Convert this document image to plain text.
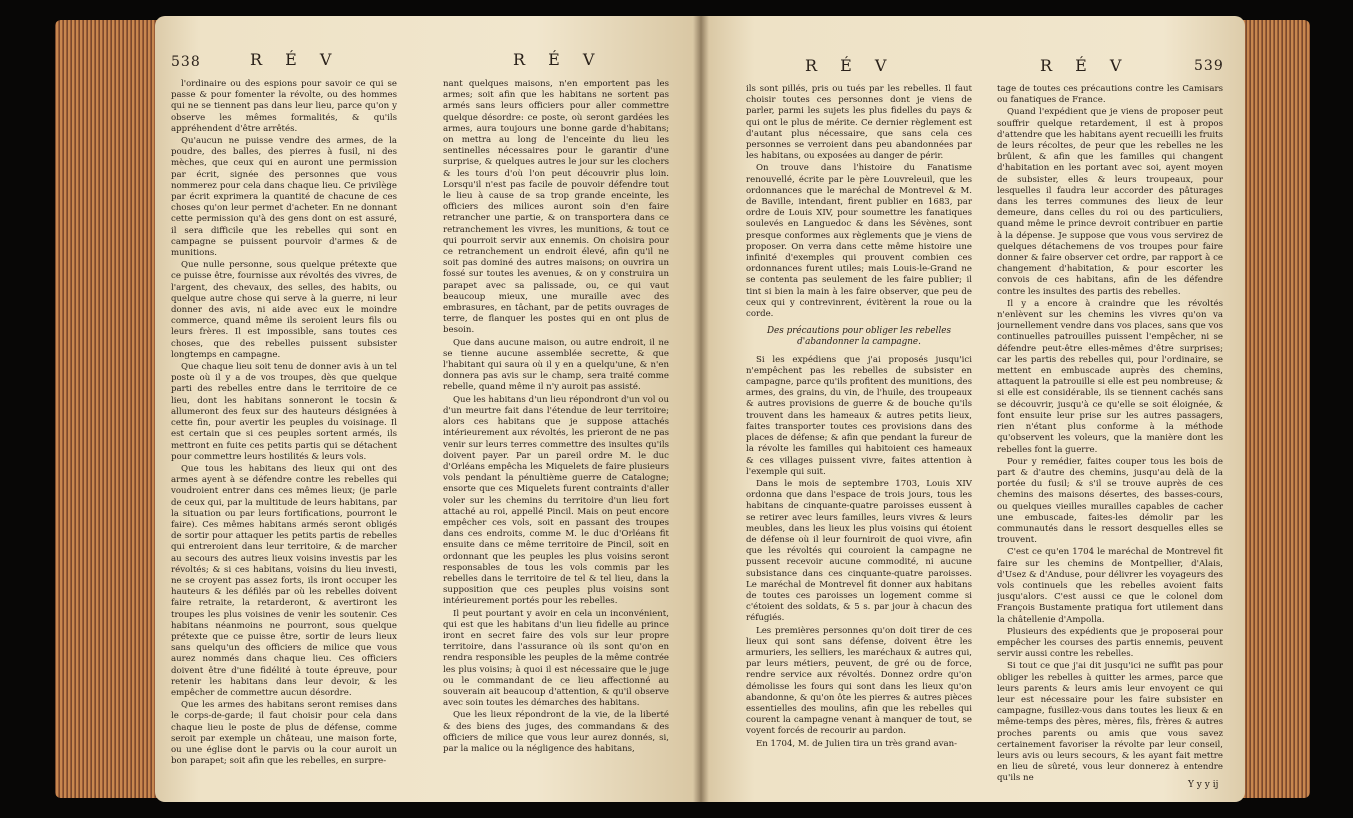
538	R É V	R É V

l'ordinaire ou des espions pour savoir ce qui se passe & pour fomenter la révolte, ou des hommes qui ne se tiennent pas dans leur lieu, parce qu'on y observe les mêmes formalités, & qu'ils appréhendent d'être arrêtés.

Qu'aucun ne puisse vendre des armes, de la poudre, des balles, des pierres à fusil, ni des mèches, que ceux qui en auront une permission par écrit, signée des personnes que vous nommerez pour cela dans chaque lieu. Ce privilège par écrit exprimera la quantité de chacune de ces choses qu'on leur permet d'acheter. En ne donnant cette permission qu'à des gens dont on est assuré, il sera difficile que les rebelles qui sont en campagne se puissent pourvoir d'armes & de munitions.

Que nulle personne, sous quelque prétexte que ce puisse être, fournisse aux révoltés des vivres, de l'argent, des chevaux, des selles, des habits, ou quelque autre chose qui serve à la guerre, ni leur donner des avis, ni aide avec eux le moindre commerce, quand même ils seroient leurs fils ou leurs frères. Il est impossible, sans toutes ces choses, que des rebelles puissent subsister longtemps en campagne.

Que chaque lieu soit tenu de donner avis à un tel poste où il y a de vos troupes, dès que quelque parti des rebelles entre dans le territoire de ce lieu, dont les habitans sonneront le tocsin & allumeront des feux sur des hauteurs désignées à cette fin, pour avertir les peuples du voisinage. Il est certain que si ces peuples sortent armés, ils mettront en fuite ces petits partis qui se détachent pour commettre leurs hostilités & leurs vols.

Que tous les habitans des lieux qui ont des armes ayent à se défendre contre les rebelles qui voudroient entrer dans ces mêmes lieux; (je parle de ceux qui, par la multitude de leurs habitans, par la situation ou par leurs fortifications, pourront le faire). Ces mêmes habitans armés seront obligés de sortir pour attaquer les petits partis de rebelles qui entreroient dans leur territoire, & de marcher au secours des autres lieux voisins investis par les révoltés; & si ces habitans, voisins du lieu investi, ne se croyent pas assez forts, ils iront occuper les hauteurs & les défilés par où les rebelles doivent faire retraite, la retarderont, & avertiront les troupes les plus voisines de venir les soutenir. Ces habitans néanmoins ne pourront, sous quelque prétexte que ce puisse être, sortir de leurs lieux sans quelqu'un des officiers de milice que vous aurez nommés dans chaque lieu. Ces officiers doivent être d'une fidélité à toute épreuve, pour retenir les habitans dans leur devoir, & les empêcher de commettre aucun désordre.

Que les armes des habitans seront remises dans le corps-de-garde; il faut choisir pour cela dans chaque lieu le poste de plus de défense, comme seroit par exemple un château, une maison forte, ou une église dont le parvis ou la cour auroit un bon parapet; soit afin que les rebelles, en surpre-

nant quelques maisons, n'en emportent pas les armes; soit afin que les habitans ne sortent pas armés sans leurs officiers pour aller commettre quelque désordre: ce poste, où seront gardées les armes, aura toujours une bonne garde d'habitans; on mettra au long de l'enceinte du lieu les sentinelles nécessaires pour le garantir d'une surprise, & quelques autres le jour sur les clochers & les tours d'où l'on peut découvrir plus loin. Lorsqu'il n'est pas facile de pouvoir défendre tout le lieu à cause de sa trop grande enceinte, les officiers des milices auront soin d'en faire retrancher une partie, & on transportera dans ce retranchement les vivres, les munitions, & tout ce qui pourroit servir aux ennemis. On choisira pour ce retranchement un endroit élevé, afin qu'il ne soit pas dominé des autres maisons; on ouvrira un fossé sur toutes les avenues, & on y construira un parapet avec sa palissade, ou, ce qui vaut beaucoup mieux, une muraille avec des embrasures, en tâchant, par de petits ouvrages de terre, de flanquer les postes qui en ont plus de besoin.

Que dans aucune maison, ou autre endroit, il ne se tienne aucune assemblée secrette, & que l'habitant qui saura où il y en a quelqu'une, & n'en donnera pas avis sur le champ, sera traité comme rebelle, quand même il n'y auroit pas assisté.

Que les habitans d'un lieu répondront d'un vol ou d'un meurtre fait dans l'étendue de leur territoire; alors ces habitans que je suppose attachés intérieurement aux révoltés, les prieront de ne pas venir sur leurs terres commettre des insultes qu'ils doivent payer. Par un pareil ordre M. le duc d'Orléans empêcha les Miquelets de faire plusieurs vols pendant la pénultième guerre de Catalogne; ensorte que ces Miquelets furent contraints d'aller voler sur les chemins du territoire d'un lieu fort attaché au roi, appellé Pincil. Mais on peut encore empêcher ces vols, soit en passant des troupes dans ces endroits, comme M. le duc d'Orléans fit ensuite dans ce même territoire de Pincil, soit en ordonnant que les peuples les plus voisins seront responsables de tous les vols commis par les rebelles dans le territoire de tel & tel lieu, dans la supposition que ces peuples plus voisins sont intérieurement portés pour les rebelles.

Il peut pourtant y avoir en cela un inconvénient, qui est que les habitans d'un lieu fidelle au prince iront en secret faire des vols sur leur propre territoire, dans l'assurance où ils sont qu'on en rendra responsible les peuples de la même contrée les plus voisins; à quoi il est nécessaire que le juge ou le commandant de ce lieu affectionné au souverain ait beaucoup d'attention, & qu'il observe avec soin toutes les démarches des habitans.

Que les lieux répondront de la vie, de la liberté & des biens des juges, des commandans & des officiers de milice que vous leur aurez donnés, si, par la malice ou la négligence des habitans,

R É V	R É V	539

ils sont pillés, pris ou tués par les rebelles. Il faut choisir toutes ces personnes dont je viens de parler, parmi les sujets les plus fidelles du pays & qui ont le plus de mérite. Ce dernier règlement est d'autant plus nécessaire, que sans cela ces personnes se verroient dans peu abandonnées par les habitans, ou exposées au danger de périr.

On trouve dans l'histoire du Fanatisme renouvellé, écrite par le père Louvreleuil, que les ordonnances que le maréchal de Montrevel & M. de Baville, intendant, firent publier en 1683, par ordre de Louis XIV, pour soumettre les fanatiques soulevés en Languedoc & dans les Sévènes, sont presque conformes aux règlements que je viens de proposer. On verra dans cette même histoire une infinité d'exemples qui prouvent combien ces ordonnances furent utiles; mais Louis-le-Grand ne se contenta pas seulement de les faire publier; il tint si bien la main à les faire observer, que peu de ceux qui y contrevinrent, évitèrent la roue ou la corde.

Des précautions pour obliger les rebelles d'abandonner la campagne.

Si les expédiens que j'ai proposés jusqu'ici n'empêchent pas les rebelles de subsister en campagne, parce qu'ils profitent des munitions, des armes, des grains, du vin, de l'huile, des troupeaux & autres provisions de guerre & de bouche qu'ils trouvent dans les hameaux & autres petits lieux, faites transporter toutes ces provisions dans des places de défense; & afin que pendant la fureur de la révolte les familles qui habitoient ces hameaux & ces villages puissent vivre, faites attention à l'exemple qui suit.

Dans le mois de septembre 1703, Louis XIV ordonna que dans l'espace de trois jours, tous les habitans de cinquante-quatre paroisses eussent à se retirer avec leurs familles, leurs vivres & leurs meubles, dans les lieux les plus voisins qui étoient de défense où il leur fourniroit de quoi vivre, afin que les révoltés qui couroient la campagne ne pussent recevoir aucune commodité, ni aucune subsistance dans ces cinquante-quatre paroisses. Le maréchal de Montrevel fit donner aux habitans de toutes ces paroisses un logement comme si c'étoient des soldats, & 5 s. par jour à chacun des réfugiés.

Les premières personnes qu'on doit tirer de ces lieux qui sont sans défense, doivent être les armuriers, les selliers, les maréchaux & autres qui, par leurs métiers, peuvent, de gré ou de force, rendre service aux révoltés. Donnez ordre qu'on démolisse les fours qui sont dans les lieux qu'on abandonne, & qu'on ôte les pierres & autres pièces essentielles des moulins, afin que les rebelles qui courent la campagne venant à manquer de tout, se voyent forcés de recourir au pardon.

En 1704, M. de Julien tira un très grand avan-

tage de toutes ces précautions contre les Camisars ou fanatiques de France.

Quand l'expédient que je viens de proposer peut souffrir quelque retardement, il est à propos d'attendre que les habitans ayent recueilli les fruits de leurs récoltes, de peur que les rebelles ne les brûlent, & afin que les familles qui changent d'habitation en les portant avec soi, ayent moyen de subsister, elles & leurs troupeaux, pour lesquelles il faudra leur accorder des pâturages dans les terres communes des lieux de leur demeure, dans celles du roi ou des particuliers, quand même le prince devroit contribuer en partie à la dépense. Je suppose que vous vous servirez de quelques détachemens de vos troupes pour faire donner & faire observer cet ordre, par rapport à ce changement d'habitation, & pour escorter les convois de ces habitans, afin de les défendre contre les insultes des partis des rebelles.

Il y a encore à craindre que les révoltés n'enlèvent sur les chemins les vivres qu'on va journellement vendre dans vos places, sans que vos continuelles patrouilles puissent l'empêcher, ni se défendre peut-être elles-mêmes d'être surprises; car les partis des rebelles qui, pour l'ordinaire, se mettent en embuscade auprès des chemins, attaquent la patrouille si elle est peu nombreuse; & si elle est considérable, ils se tiennent cachés sans se découvrir, jusqu'à ce qu'elle se soit éloignée, & font ensuite leur prise sur les autres passagers, rien n'étant plus conforme à la méthode qu'observent les voleurs, que la manière dont les rebelles font la guerre.

Pour y remédier, faites couper tous les bois de part & d'autre des chemins, jusqu'au delà de la portée du fusil; & s'il se trouve auprès de ces chemins des maisons désertes, des basses-cours, ou quelques vieilles murailles capables de cacher une embuscade, faites-les démolir par les communautés dans le ressort desquelles elles se trouvent.

C'est ce qu'en 1704 le maréchal de Montrevel fit faire sur les chemins de Montpellier, d'Alais, d'Usez & d'Anduse, pour délivrer les voyageurs des vols continuels que les rebelles avoient faits jusqu'alors. C'est aussi ce que le colonel dom François Bustamente pratiqua fort utilement dans la châtellenie d'Ampolla.

Plusieurs des expédients que je proposerai pour empêcher les courses des partis ennemis, peuvent servir aussi contre les rebelles.

Si tout ce que j'ai dit jusqu'ici ne suffit pas pour obliger les rebelles à quitter les armes, parce que leurs parents & leurs amis leur envoyent ce qui leur est nécessaire pour les faire subsister en campagne, fusillez-vous dans toutes les lieux & en même-temps des pères, mères, fils, frères & autres proches parents ou amis que vous savez certainement favoriser la révolte par leur conseil, leurs avis ou leurs secours, & les ayant fait mettre en lieu de sûreté, vous leur donnerez à entendre qu'ils ne

Y y y ij
